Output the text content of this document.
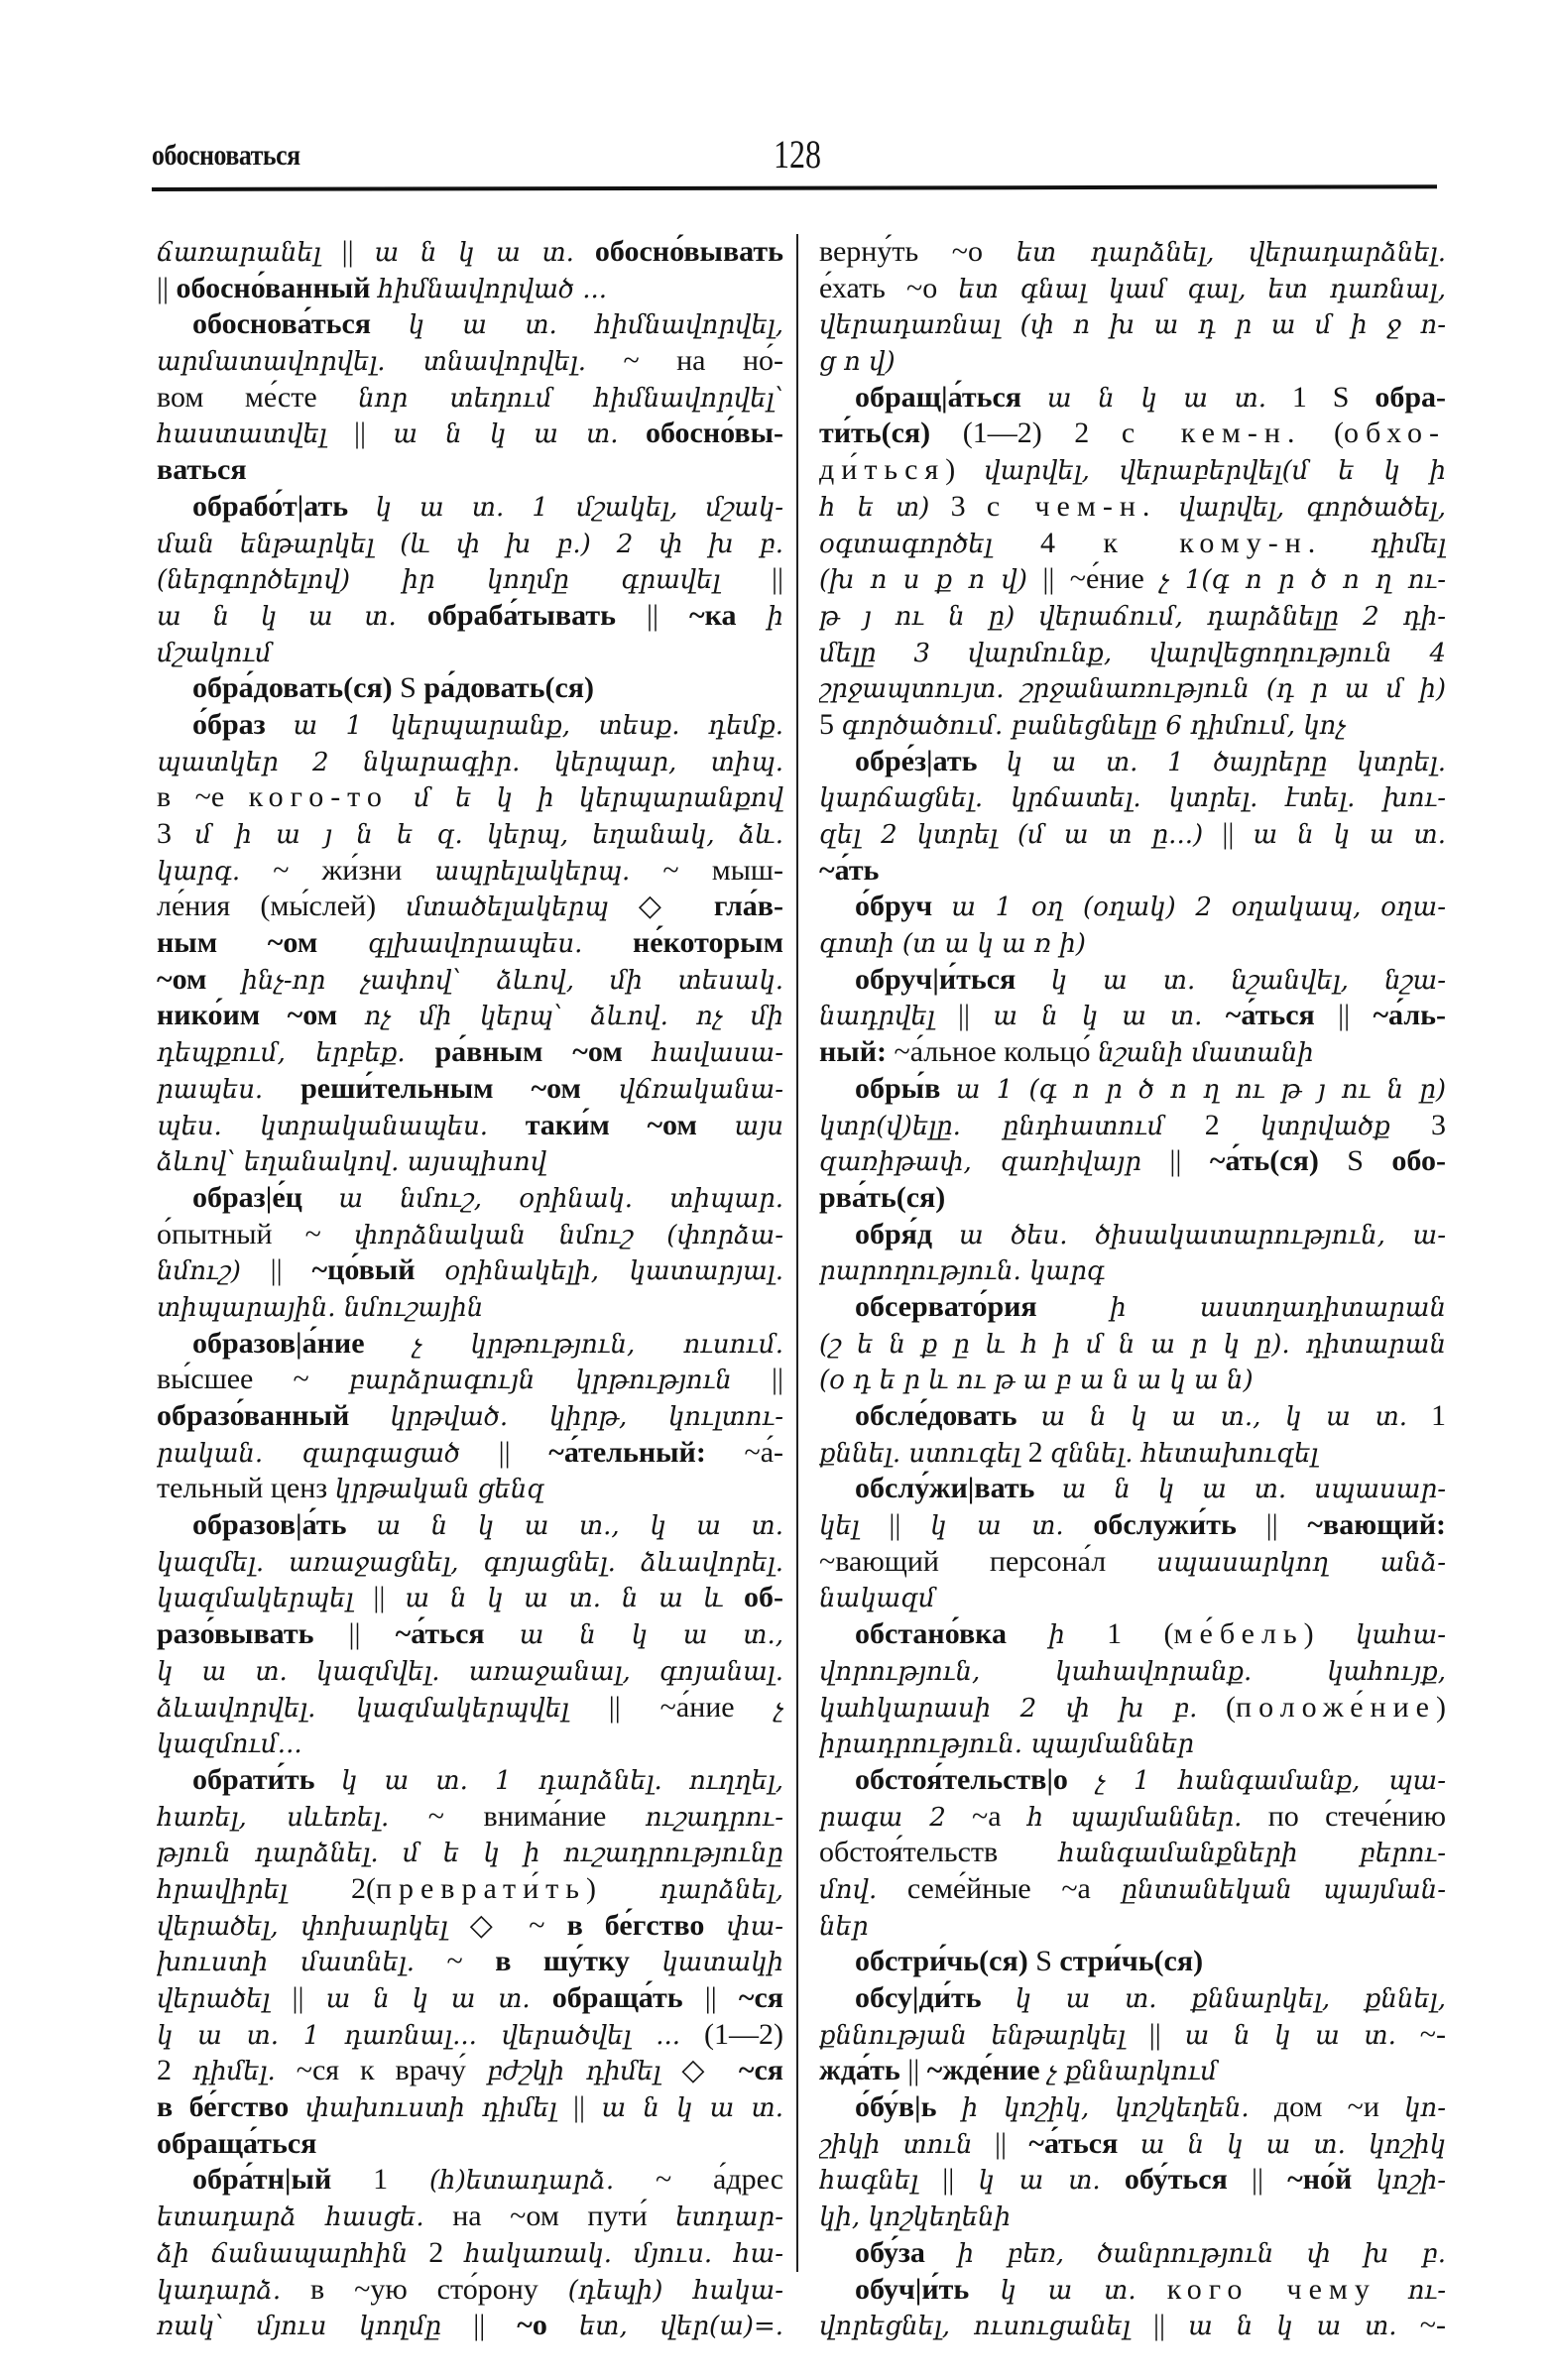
обосноваться	128
ճառարանել || ա ն կ ա տ. обосно́вывать
|| обосно́ванный հիմնավորված ...
обоснова́ться կ ա տ. հիմնավորվել,
արմատավորվել. տնավորվել. ~ на но́-
вом ме́сте նոր տեղում հիմնավորվել՝
հաստատվել || ա ն կ ա տ. обосно́вы-
ваться
обрабо́т|ать կ ա տ. 1 մշակել, մշակ-
ման ենթարկել (և փ խ բ.) 2 փ խ բ.
(ներգործելով) իր կողմը գրավել ||
ա ն կ ա տ. обраба́тывать || ~ка ի
մշակում
обра́довать(ся) S ра́довать(ся)
о́браз ա 1 կերպարանք, տեսք. դեմք.
պատկեր 2 նկարագիր. կերպար, տիպ.
в ~е кого-то մ ե կ ի կերպարանքով
3 մ ի ա յ ն ե զ. կերպ, եղանակ, ձև.
կարգ. ~ жи́зни ապրելակերպ. ~ мыш-
ле́ния (мы́слей) մտածելակերպ ◇ гла́в-
ным ~ом գլխավորապես. не́которым
~ом ինչ-որ չափով՝ ձևով, մի տեսակ.
нико́им ~ом ոչ մի կերպ՝ ձևով. ոչ մի
դեպքում, երբեք. ра́вным ~ом հավասա-
րապես. реши́тельным ~ом վճռականա-
պես. կտրականապես. таки́м ~ом այս
ձևով՝ եղանակով. այսպիսով
образ|е́ц ա նմուշ, օրինակ. տիպար.
о́пытный ~ փորձնական նմուշ (փորձա-
նմուշ) || ~цо́вый օրինակելի, կատարյալ.
տիպարային. նմուշային
образов|а́ние չ կրթություն, ուսում.
вы́сшее ~ բարձրագույն կրթություն ||
образо́ванный կրթված. կիրթ, կուլտու-
րական. զարգացած || ~а́тельный: ~а́-
тельный ценз կրթական ցենզ
образов|а́ть ա ն կ ա տ., կ ա տ.
կազմել. առաջացնել, գոյացնել. ձևավորել.
կազմակերպել || ա ն կ ա տ. ն ա և об-
разо́вывать || ~а́ться ա ն կ ա տ.,
կ ա տ. կազմվել. առաջանալ, գոյանալ.
ձևավորվել. կազմակերպվել || ~а́ние չ
կազմում...
обрати́ть կ ա տ. 1 դարձնել. ուղղել,
հառել, սևեռել. ~ внима́ние ուշադրու-
թյուն դարձնել. մ ե կ ի ուշադրությունը
հրավիրել 2(преврати́ть) դարձնել,
վերածել, փոխարկել ◇ ~ в бе́гство փա-
խուստի մատնել. ~ в шу́тку կատակի
վերածել || ա ն կ ա տ. обраща́ть || ~ся
կ ա տ. 1 դառնալ... վերածվել ... (1—2)
2 դիմել. ~ся к врачу́ բժշկի դիմել ◇ ~ся
в бе́гство փախուստի դիմել || ա ն կ ա տ.
обраща́ться
обра́тн|ый 1 (հ)ետադարձ. ~ а́дрес
ետադարձ հասցե. на ~ом пути́ ետդար-
ձի ճանապարհին 2 հակառակ. մյուս. հա-
կադարձ. в ~ую сто́рону (դեպի) հակա-
ռակ՝ մյուս կողմը || ~о ետ, վեր(ա)=.
верну́ть ~о ետ դարձնել, վերադարձնել.
е́хать ~о ետ գնալ կամ գալ, ետ դառնալ,
վերադառնալ (փ ո խ ա դ ր ա մ ի ջ ո-
ց ո վ)
обращ|а́ться ա ն կ ա տ. 1 S обра-
ти́ть(ся) (1—2) 2 с кем-н. (обхо-
ди́ться) վարվել, վերաբերվել(մ ե կ ի
հ ե տ) 3 с чем-н. վարվել, գործածել,
օգտագործել 4 к кому-н. դիմել
(խ ո ս ք ո վ) || ~е́ние չ 1(գ ո ր ծ ո ղ ու-
թ յ ու ն ը) վերաճում, դարձնելը 2 դի-
մելը 3 վարմունք, վարվեցողություն 4
շրջապտույտ. շրջանառություն (դ ր ա մ ի)
5 գործածում. բանեցնելը 6 դիմում, կոչ
обре́з|ать կ ա տ. 1 ծայրերը կտրել.
կարճացնել. կրճատել. կտրել. էտել. խու-
զել 2 կտրել (մ ա տ ը...) || ա ն կ ա տ.
~а́ть
о́бруч ա 1 օղ (օղակ) 2 օղակապ, օղա-
գոտի (տ ա կ ա ռ ի)
обруч|и́ться կ ա տ. նշանվել, նշա-
նադրվել || ա ն կ ա տ. ~а́ться || ~а́ль-
ный: ~а́льное кольцо́ նշանի մատանի
обры́в ա 1 (գ ո ր ծ ո ղ ու թ յ ու ն ը)
կտր(վ)ելը. ընդհատում 2 կտրվածք 3
զառիթափ, զառիվայր || ~а́ть(ся) S обо-
рва́ть(ся)
обря́д ա ծես. ծիսակատարություն, ա-
րարողություն. կարգ
обсервато́рия ի աստղադիտարան
(շ ե ն ք ը և հ ի մ ն ա ր կ ը). դիտարան
(օ դ ե ր և ու թ ա բ ա ն ա կ ա ն)
обсле́довать ա ն կ ա տ., կ ա տ. 1
քննել. ստուգել 2 զննել. հետախուզել
обслу́жи|вать ա ն կ ա տ. սպասար-
կել || կ ա տ. обслужи́ть || ~вающий:
~вающий персона́л սպասարկող անձ-
նակազմ
обстано́вка ի 1 (ме́бель) կահա-
վորություն, կահավորանք. կահույք,
կահկարասի 2 փ խ բ. (положе́ние)
իրադրություն. պայմաններ
обстоя́тельств|о չ 1 հանգամանք, պա-
րագա 2 ~а հ պայմաններ. по стече́нию
обстоя́тельств հանգամանքների բերու-
մով. семе́йные ~а ընտանեկան պայման-
ներ
обстри́чь(ся) S стри́чь(ся)
обсу|ди́ть կ ա տ. քննարկել, քննել,
քննության ենթարկել || ա ն կ ա տ. ~-
жда́ть || ~жде́ние չ քննարկում
о́бу́в|ь ի կոշիկ, կոշկեղեն. дом ~и կո-
շիկի տուն || ~а́ться ա ն կ ա տ. կոշիկ
հագնել || կ ա տ. обу́ться || ~но́й կոշի-
կի, կոշկեղենի
обу́за ի բեռ, ծանրություն փ խ բ.
обуч|и́ть կ ա տ. кого чему ու-
վորեցնել, ուսուցանել || ա ն կ ա տ. ~-
